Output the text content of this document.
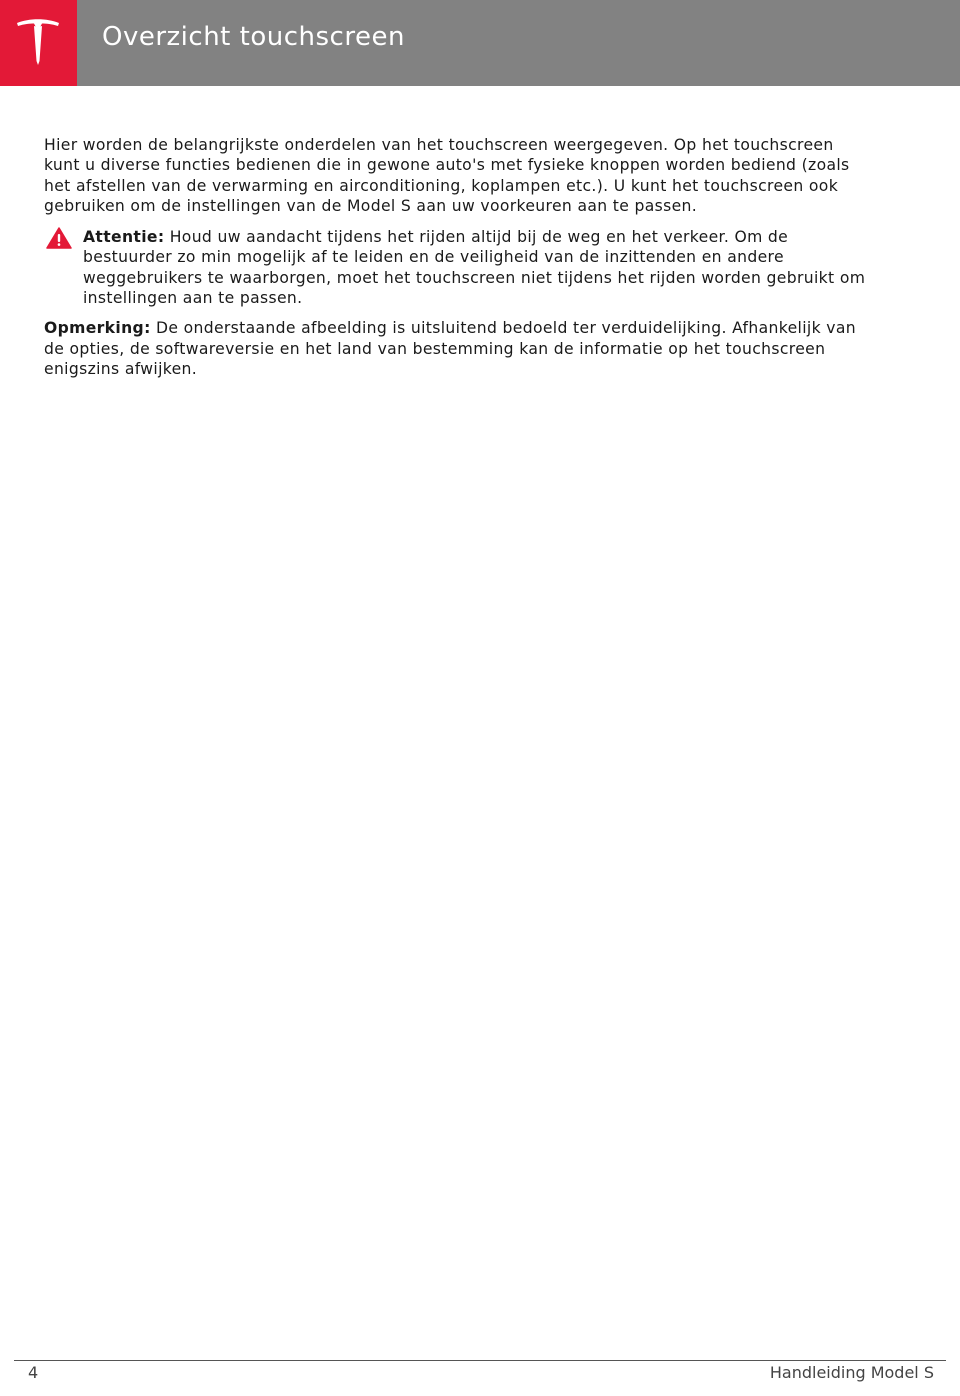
Overzicht touchscreen

Hier worden de belangrijkste onderdelen van het touchscreen weergegeven. Op het touchscreen kunt u diverse functies bedienen die in gewone auto's met fysieke knoppen worden bediend (zoals het afstellen van de verwarming en airconditioning, koplampen etc.). U kunt het touchscreen ook gebruiken om de instellingen van de Model S aan uw voorkeuren aan te passen.

Attentie: Houd uw aandacht tijdens het rijden altijd bij de weg en het verkeer. Om de bestuurder zo min mogelijk af te leiden en de veiligheid van de inzittenden en andere weggebruikers te waarborgen, moet het touchscreen niet tijdens het rijden worden gebruikt om instellingen aan te passen.

Opmerking: De onderstaande afbeelding is uitsluitend bedoeld ter verduidelijking. Afhankelijk van de opties, de softwareversie en het land van bestemming kan de informatie op het touchscreen enigszins afwijken.

4	Handleiding Model S
